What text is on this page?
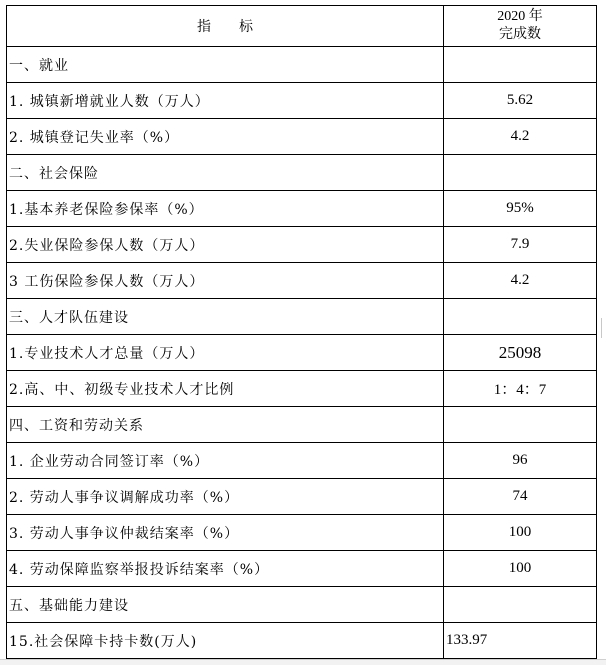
指　　标	2020 年
完成数

一、就业	
1. 城镇新增就业人数（万人）	5.62
2. 城镇登记失业率（%）	4.2
二、社会保险	
1.基本养老保险参保率（%）	95%
2.失业保险参保人数（万人）	7.9
3 工伤保险参保人数（万人）	4.2
三、人才队伍建设	
1.专业技术人才总量（万人）	25098
2.高、中、初级专业技术人才比例	1：4：7
四、工资和劳动关系	
1. 企业劳动合同签订率（%）	96
2. 劳动人事争议调解成功率（%）	74
3. 劳动人事争议仲裁结案率（%）	100
4. 劳动保障监察举报投诉结案率（%）	100
五、基础能力建设	
15.社会保障卡持卡数(万人)	133.97
